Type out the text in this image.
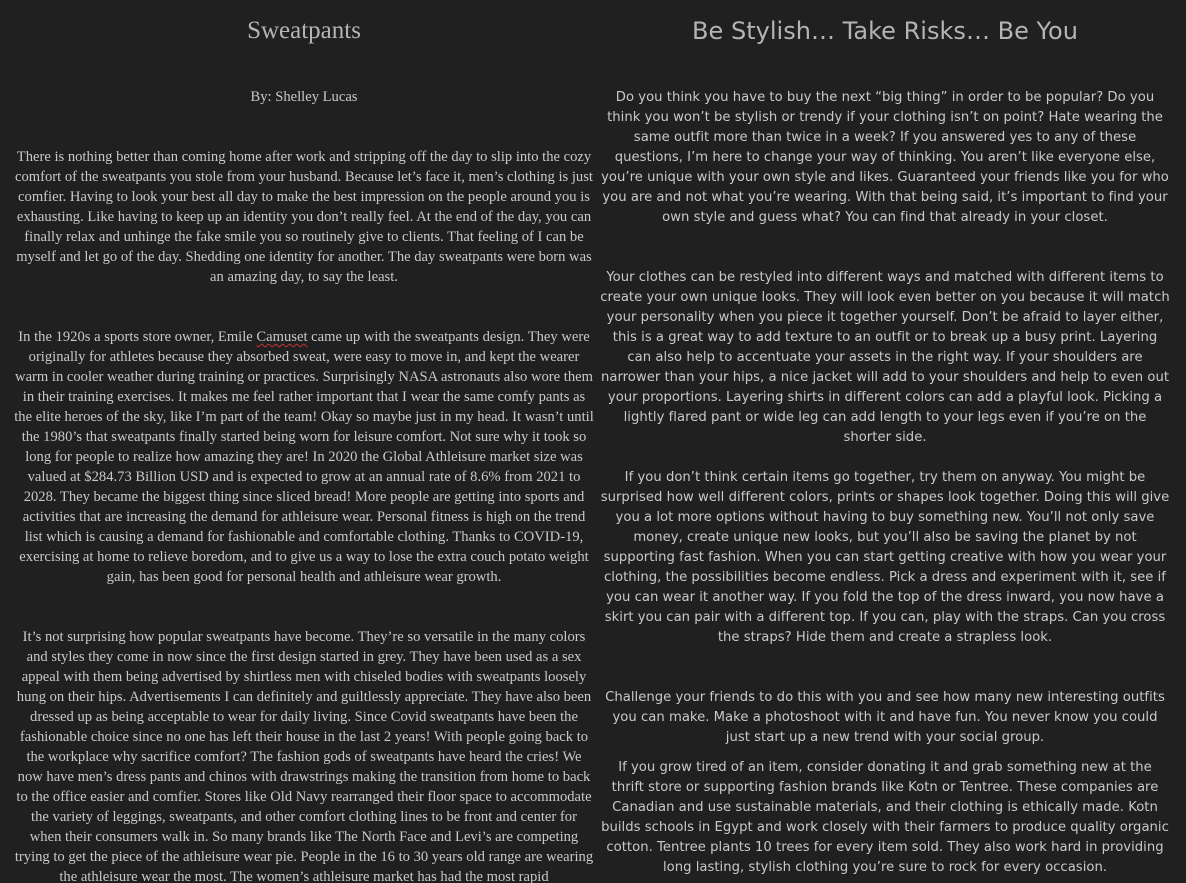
Sweatpants

By: Shelley Lucas

There is nothing better than coming home after work and stripping off the day to slip into the cozy comfort of the sweatpants you stole from your husband. Because let’s face it, men’s clothing is just comfier. Having to look your best all day to make the best impression on the people around you is exhausting. Like having to keep up an identity you don’t really feel. At the end of the day, you can finally relax and unhinge the fake smile you so routinely give to clients. That feeling of I can be myself and let go of the day. Shedding one identity for another. The day sweatpants were born was an amazing day, to say the least.

In the 1920s a sports store owner, Emile Camuset came up with the sweatpants design. They were originally for athletes because they absorbed sweat, were easy to move in, and kept the wearer warm in cooler weather during training or practices. Surprisingly NASA astronauts also wore them in their training exercises. It makes me feel rather important that I wear the same comfy pants as the elite heroes of the sky, like I’m part of the team! Okay so maybe just in my head. It wasn’t until the 1980’s that sweatpants finally started being worn for leisure comfort. Not sure why it took so long for people to realize how amazing they are! In 2020 the Global Athleisure market size was valued at $284.73 Billion USD and is expected to grow at an annual rate of 8.6% from 2021 to 2028. They became the biggest thing since sliced bread! More people are getting into sports and activities that are increasing the demand for athleisure wear. Personal fitness is high on the trend list which is causing a demand for fashionable and comfortable clothing. Thanks to COVID-19, exercising at home to relieve boredom, and to give us a way to lose the extra couch potato weight gain, has been good for personal health and athleisure wear growth.

It’s not surprising how popular sweatpants have become. They’re so versatile in the many colors and styles they come in now since the first design started in grey. They have been used as a sex appeal with them being advertised by shirtless men with chiseled bodies with sweatpants loosely hung on their hips. Advertisements I can definitely and guiltlessly appreciate. They have also been dressed up as being acceptable to wear for daily living. Since Covid sweatpants have been the fashionable choice since no one has left their house in the last 2 years! With people going back to the workplace why sacrifice comfort? The fashion gods of sweatpants have heard the cries! We now have men’s dress pants and chinos with drawstrings making the transition from home to back to the office easier and comfier. Stores like Old Navy rearranged their floor space to accommodate the variety of leggings, sweatpants, and other comfort clothing lines to be front and center for when their consumers walk in. So many brands like The North Face and Levi’s are competing trying to get the piece of the athleisure wear pie. People in the 16 to 30 years old range are wearing the athleisure wear the most. The women’s athleisure market has had the most rapid

Be Stylish… Take Risks… Be You

Do you think you have to buy the next “big thing” in order to be popular? Do you think you won’t be stylish or trendy if your clothing isn’t on point? Hate wearing the same outfit more than twice in a week? If you answered yes to any of these questions, I’m here to change your way of thinking. You aren’t like everyone else, you’re unique with your own style and likes. Guaranteed your friends like you for who you are and not what you’re wearing. With that being said, it’s important to find your own style and guess what? You can find that already in your closet.

Your clothes can be restyled into different ways and matched with different items to create your own unique looks. They will look even better on you because it will match your personality when you piece it together yourself. Don’t be afraid to layer either, this is a great way to add texture to an outfit or to break up a busy print. Layering can also help to accentuate your assets in the right way. If your shoulders are narrower than your hips, a nice jacket will add to your shoulders and help to even out your proportions. Layering shirts in different colors can add a playful look. Picking a lightly flared pant or wide leg can add length to your legs even if you’re on the shorter side.

If you don’t think certain items go together, try them on anyway. You might be surprised how well different colors, prints or shapes look together. Doing this will give you a lot more options without having to buy something new. You’ll not only save money, create unique new looks, but you’ll also be saving the planet by not supporting fast fashion. When you can start getting creative with how you wear your clothing, the possibilities become endless. Pick a dress and experiment with it, see if you can wear it another way. If you fold the top of the dress inward, you now have a skirt you can pair with a different top. If you can, play with the straps. Can you cross the straps? Hide them and create a strapless look.

Challenge your friends to do this with you and see how many new interesting outfits you can make. Make a photoshoot with it and have fun. You never know you could just start up a new trend with your social group.

If you grow tired of an item, consider donating it and grab something new at the thrift store or supporting fashion brands like Kotn or Tentree. These companies are Canadian and use sustainable materials, and their clothing is ethically made. Kotn builds schools in Egypt and work closely with their farmers to produce quality organic cotton. Tentree plants 10 trees for every item sold. They also work hard in providing long lasting, stylish clothing you’re sure to rock for every occasion.
